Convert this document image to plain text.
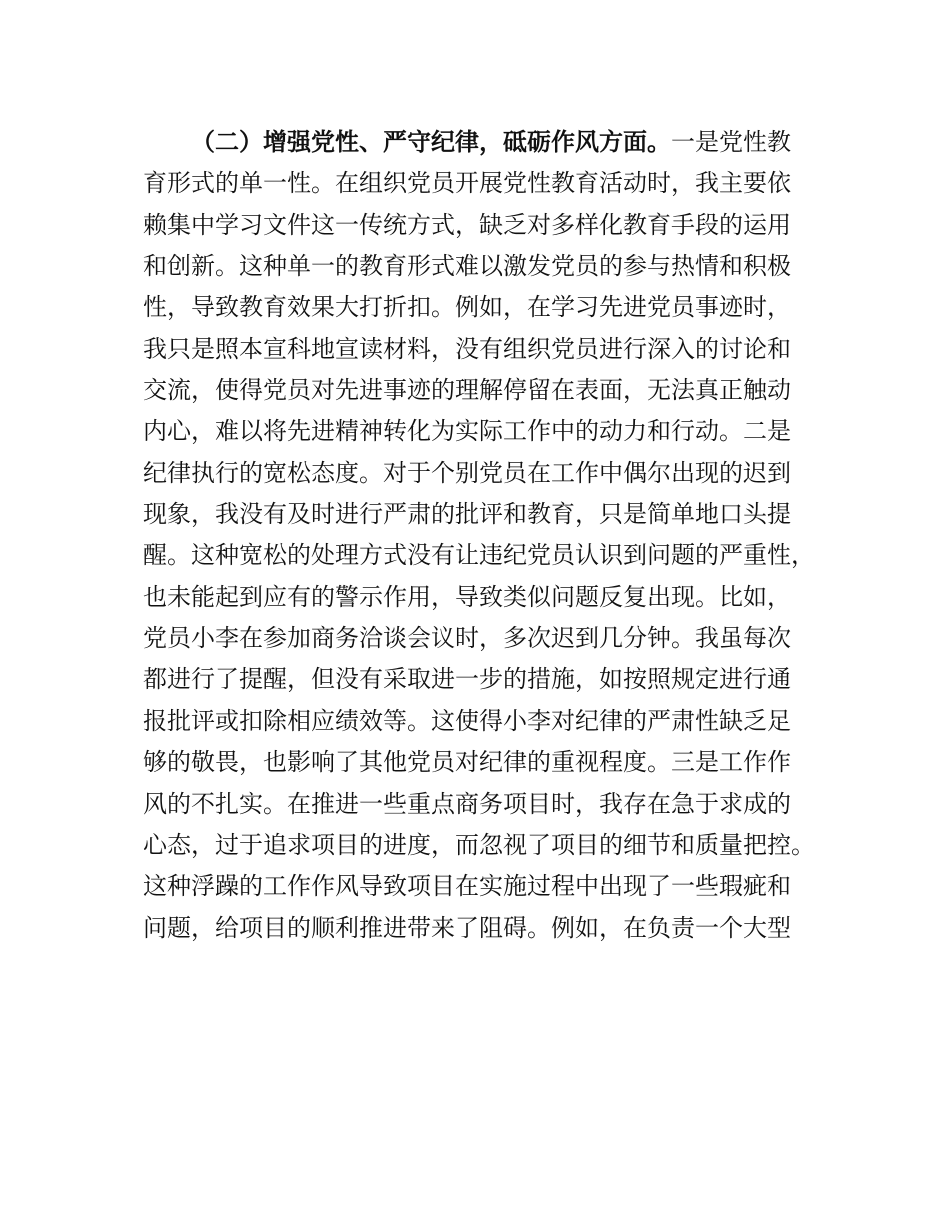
（二）增强党性、严守纪律，砥砺作风方面。一是党性教
育形式的单一性。在组织党员开展党性教育活动时，我主要依
赖集中学习文件这一传统方式，缺乏对多样化教育手段的运用
和创新。这种单一的教育形式难以激发党员的参与热情和积极
性，导致教育效果大打折扣。例如，在学习先进党员事迹时，
我只是照本宣科地宣读材料，没有组织党员进行深入的讨论和
交流，使得党员对先进事迹的理解停留在表面，无法真正触动
内心，难以将先进精神转化为实际工作中的动力和行动。二是
纪律执行的宽松态度。对于个别党员在工作中偶尔出现的迟到
现象，我没有及时进行严肃的批评和教育，只是简单地口头提
醒。这种宽松的处理方式没有让违纪党员认识到问题的严重性，
也未能起到应有的警示作用，导致类似问题反复出现。比如，
党员小李在参加商务洽谈会议时，多次迟到几分钟。我虽每次
都进行了提醒，但没有采取进一步的措施，如按照规定进行通
报批评或扣除相应绩效等。这使得小李对纪律的严肃性缺乏足
够的敬畏，也影响了其他党员对纪律的重视程度。三是工作作
风的不扎实。在推进一些重点商务项目时，我存在急于求成的
心态，过于追求项目的进度，而忽视了项目的细节和质量把控。
这种浮躁的工作作风导致项目在实施过程中出现了一些瑕疵和
问题，给项目的顺利推进带来了阻碍。例如，在负责一个大型
